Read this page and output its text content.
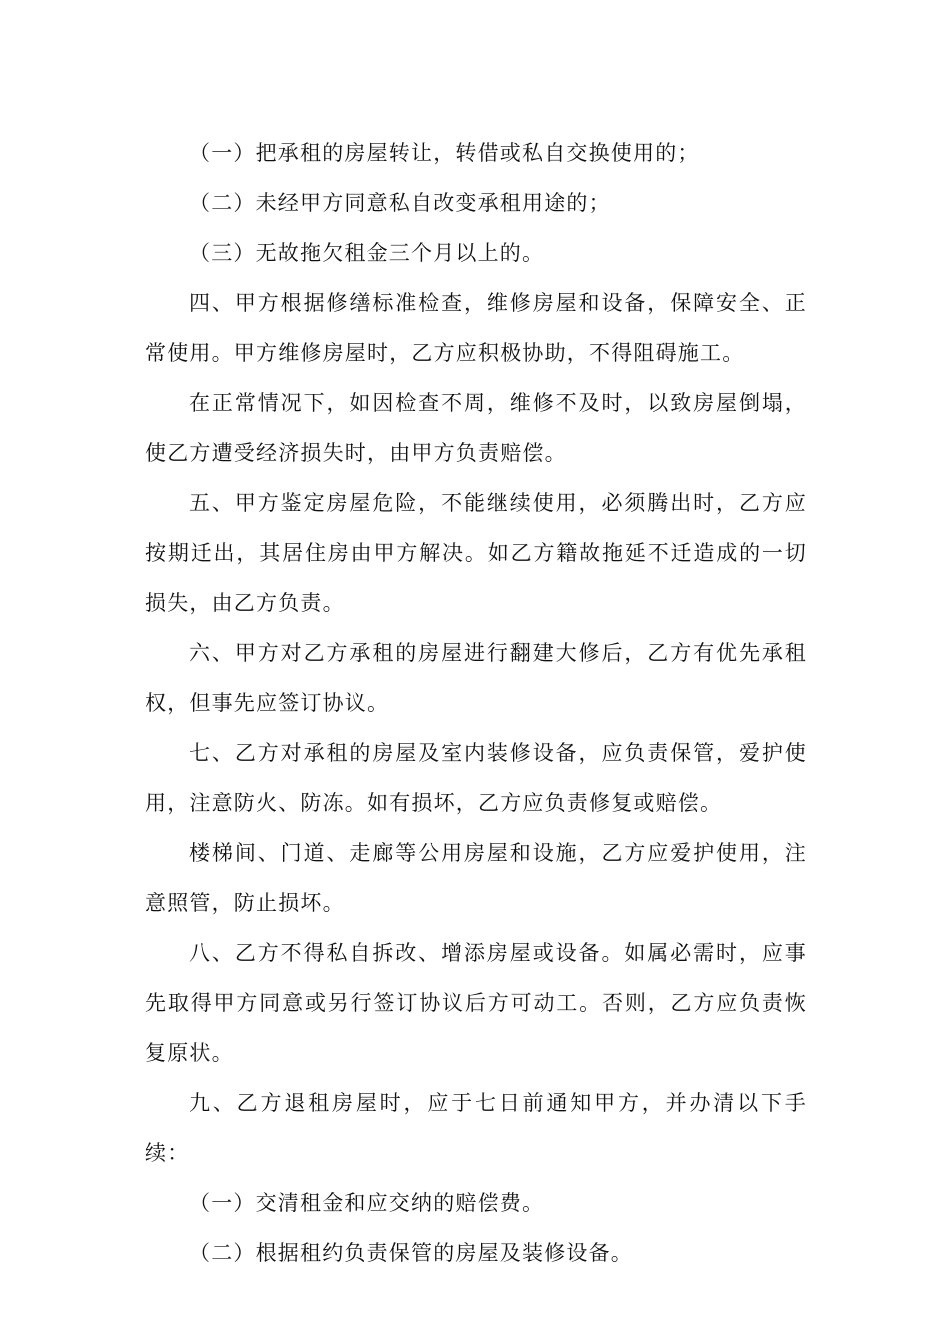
（一）把承租的房屋转让，转借或私自交换使用的；

（二）未经甲方同意私自改变承租用途的；

（三）无故拖欠租金三个月以上的。

四、甲方根据修缮标准检查，维修房屋和设备，保障安全、正常使用。甲方维修房屋时，乙方应积极协助，不得阻碍施工。

在正常情况下，如因检查不周，维修不及时，以致房屋倒塌，使乙方遭受经济损失时，由甲方负责赔偿。

五、甲方鉴定房屋危险，不能继续使用，必须腾出时，乙方应按期迁出，其居住房由甲方解决。如乙方籍故拖延不迁造成的一切损失，由乙方负责。

六、甲方对乙方承租的房屋进行翻建大修后，乙方有优先承租权，但事先应签订协议。

七、乙方对承租的房屋及室内装修设备，应负责保管，爱护使用，注意防火、防冻。如有损坏，乙方应负责修复或赔偿。

楼梯间、门道、走廊等公用房屋和设施，乙方应爱护使用，注意照管，防止损坏。

八、乙方不得私自拆改、增添房屋或设备。如属必需时，应事先取得甲方同意或另行签订协议后方可动工。否则，乙方应负责恢复原状。

九、乙方退租房屋时，应于七日前通知甲方，并办清以下手续：

（一）交清租金和应交纳的赔偿费。

（二）根据租约负责保管的房屋及装修设备。
